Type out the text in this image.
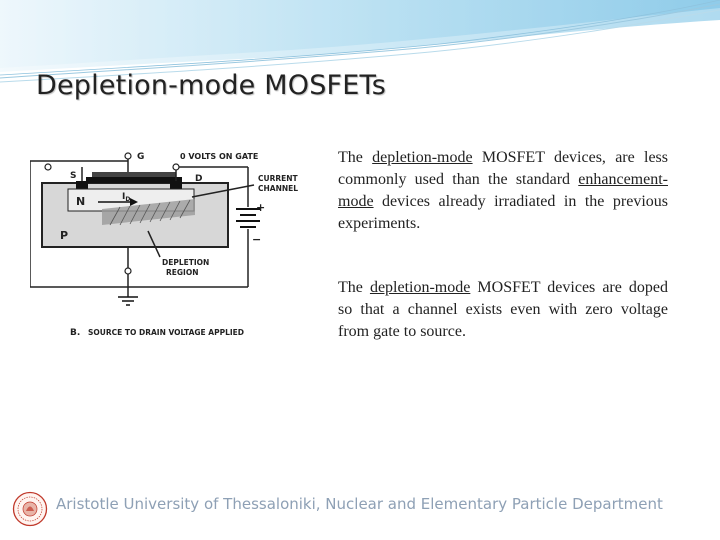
Depletion-mode MOSFETs
G	0 VOLTS ON GATE
S	D	CURRENT
CHANNEL
N	$I_D$
P
+
−
DEPLETION
REGION
B. SOURCE TO DRAIN VOLTAGE APPLIED
The depletion-mode MOSFET devices, are less commonly used than the standard enhancement-mode devices already irradiated in the previous experiments.
The depletion-mode MOSFET devices are doped so that a channel exists even with zero voltage from gate to source.
Aristotle University of Thessaloniki, Nuclear and Elementary Particle Department
